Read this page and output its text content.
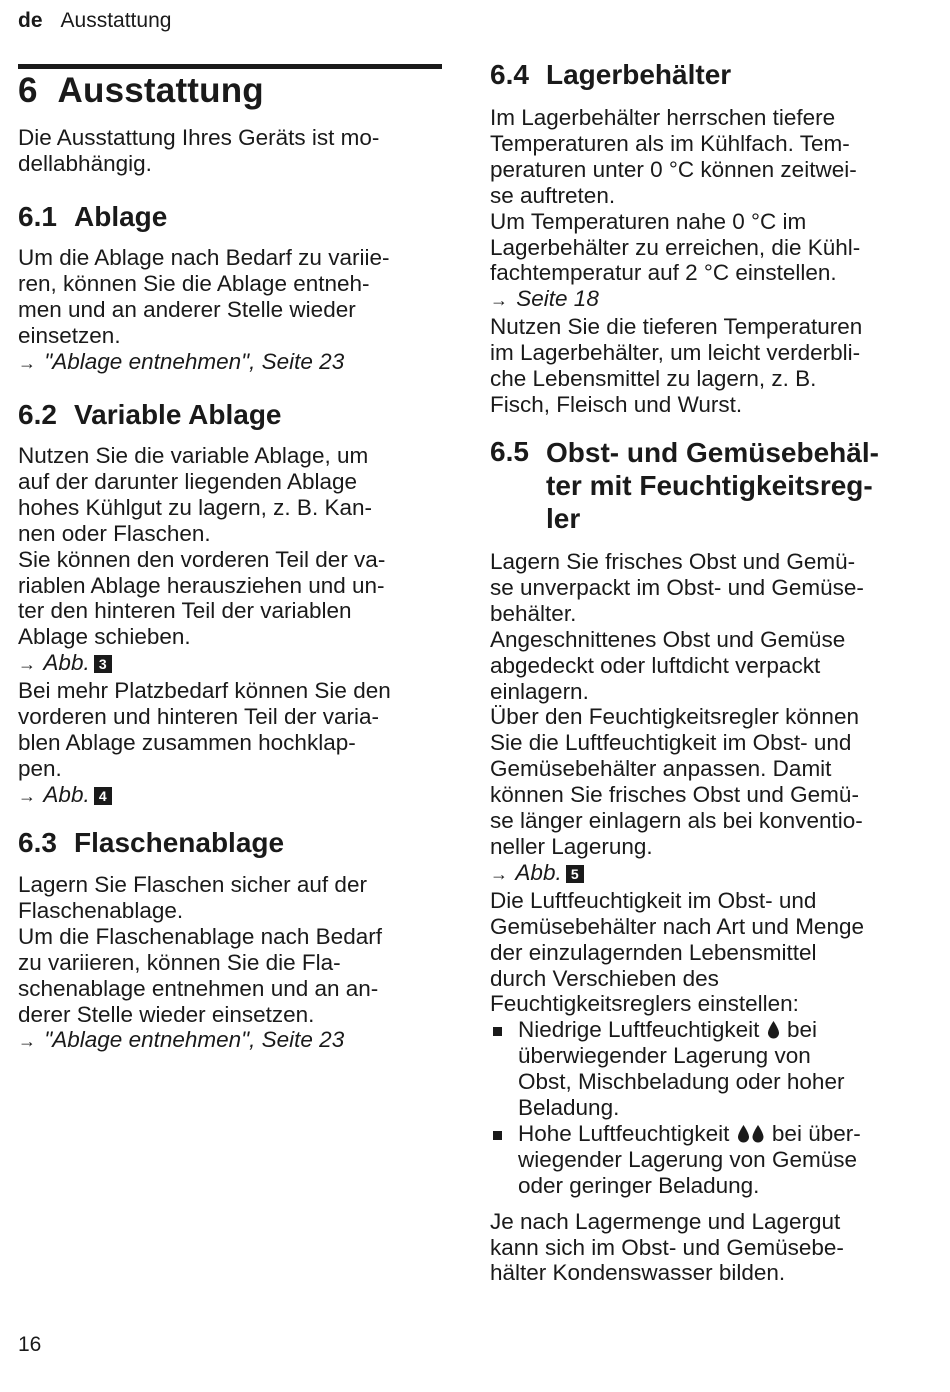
de Ausstattung
6 Ausstattung

Die Ausstattung Ihres Geräts ist mo-

dellabhängig.

6.1 Ablage

Um die Ablage nach Bedarf zu variie-

ren, können Sie die Ablage entneh-

men und an anderer Stelle wieder

einsetzen.

→ "Ablage entnehmen", Seite 23

6.2 Variable Ablage

Nutzen Sie die variable Ablage, um

auf der darunter liegenden Ablage

hohes Kühlgut zu lagern, z. B. Kan-

nen oder Flaschen.

Sie können den vorderen Teil der va-

riablen Ablage herausziehen und un-

ter den hinteren Teil der variablen

Ablage schieben.

→ Abb. 3

Bei mehr Platzbedarf können Sie den

vorderen und hinteren Teil der varia-

blen Ablage zusammen hochklap-

pen.

→ Abb. 4

6.3 Flaschenablage

Lagern Sie Flaschen sicher auf der

Flaschenablage.

Um die Flaschenablage nach Bedarf

zu variieren, können Sie die Fla-

schenablage entnehmen und an an-

derer Stelle wieder einsetzen.

→ "Ablage entnehmen", Seite 23

6.4 Lagerbehälter

Im Lagerbehälter herrschen tiefere

Temperaturen als im Kühlfach. Tem-

peraturen unter 0 °C können zeitwei-

se auftreten.

Um Temperaturen nahe 0 °C im

Lagerbehälter zu erreichen, die Kühl-

fachtemperatur auf 2 °C einstellen.

→ Seite 18

Nutzen Sie die tieferen Temperaturen

im Lagerbehälter, um leicht verderbli-

che Lebensmittel zu lagern, z. B.

Fisch, Fleisch und Wurst.

6.5 Obst- und Gemüsebehäl-
ter mit Feuchtigkeitsreg-
ler

Lagern Sie frisches Obst und Gemü-

se unverpackt im Obst- und Gemüse-

behälter.

Angeschnittenes Obst und Gemüse

abgedeckt oder luftdicht verpackt

einlagern.

Über den Feuchtigkeitsregler können

Sie die Luftfeuchtigkeit im Obst- und

Gemüsebehälter anpassen. Damit

können Sie frisches Obst und Gemü-

se länger einlagern als bei konventio-

neller Lagerung.

→ Abb. 5

Die Luftfeuchtigkeit im Obst- und

Gemüsebehälter nach Art und Menge

der einzulagernden Lebensmittel

durch Verschieben des

Feuchtigkeitsreglers einstellen:

Niedrige Luftfeuchtigkeit bei
überwiegender Lagerung von
Obst, Mischbeladung oder hoher
Beladung.
Hohe Luftfeuchtigkeit bei über-
wiegender Lagerung von Gemüse
oder geringer Beladung.

Je nach Lagermenge und Lagergut

kann sich im Obst- und Gemüsebe-

hälter Kondenswasser bilden.

16
